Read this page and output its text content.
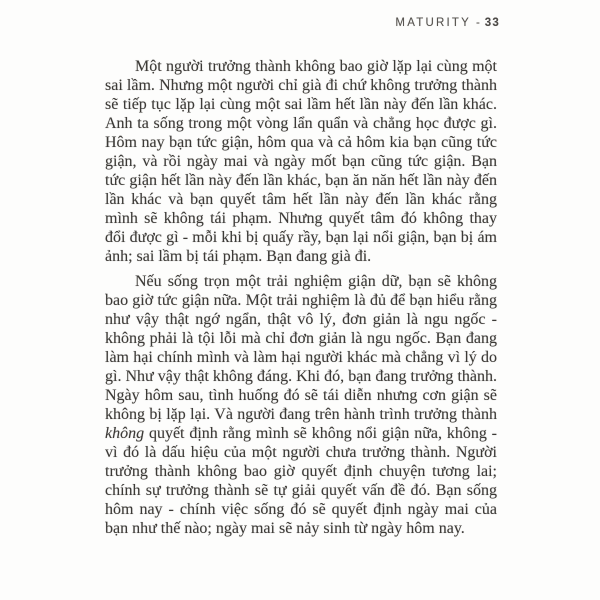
MATURITY - 33

Một người trưởng thành không bao giờ lặp lại cùng một sai lầm. Nhưng một người chỉ già đi chứ không trưởng thành sẽ tiếp tục lặp lại cùng một sai lầm hết lần này đến lần khác. Anh ta sống trong một vòng lẩn quẩn và chẳng học được gì. Hôm nay bạn tức giận, hôm qua và cả hôm kia bạn cũng tức giận, và rồi ngày mai và ngày mốt bạn cũng tức giận. Bạn tức giận hết lần này đến lần khác, bạn ăn năn hết lần này đến lần khác và bạn quyết tâm hết lần này đến lần khác rằng mình sẽ không tái phạm. Nhưng quyết tâm đó không thay đổi được gì - mỗi khi bị quấy rầy, bạn lại nổi giận, bạn bị ám ảnh; sai lầm bị tái phạm. Bạn đang già đi.

Nếu sống trọn một trải nghiệm giận dữ, bạn sẽ không bao giờ tức giận nữa. Một trải nghiệm là đủ để bạn hiểu rằng như vậy thật ngớ ngẩn, thật vô lý, đơn giản là ngu ngốc - không phải là tội lỗi mà chỉ đơn giản là ngu ngốc. Bạn đang làm hại chính mình và làm hại người khác mà chẳng vì lý do gì. Như vậy thật không đáng. Khi đó, bạn đang trưởng thành. Ngày hôm sau, tình huống đó sẽ tái diễn nhưng cơn giận sẽ không bị lặp lại. Và người đang trên hành trình trưởng thành không quyết định rằng mình sẽ không nổi giận nữa, không - vì đó là dấu hiệu của một người chưa trưởng thành. Người trưởng thành không bao giờ quyết định chuyện tương lai; chính sự trưởng thành sẽ tự giải quyết vấn đề đó. Bạn sống hôm nay - chính việc sống đó sẽ quyết định ngày mai của bạn như thế nào; ngày mai sẽ nảy sinh từ ngày hôm nay.
